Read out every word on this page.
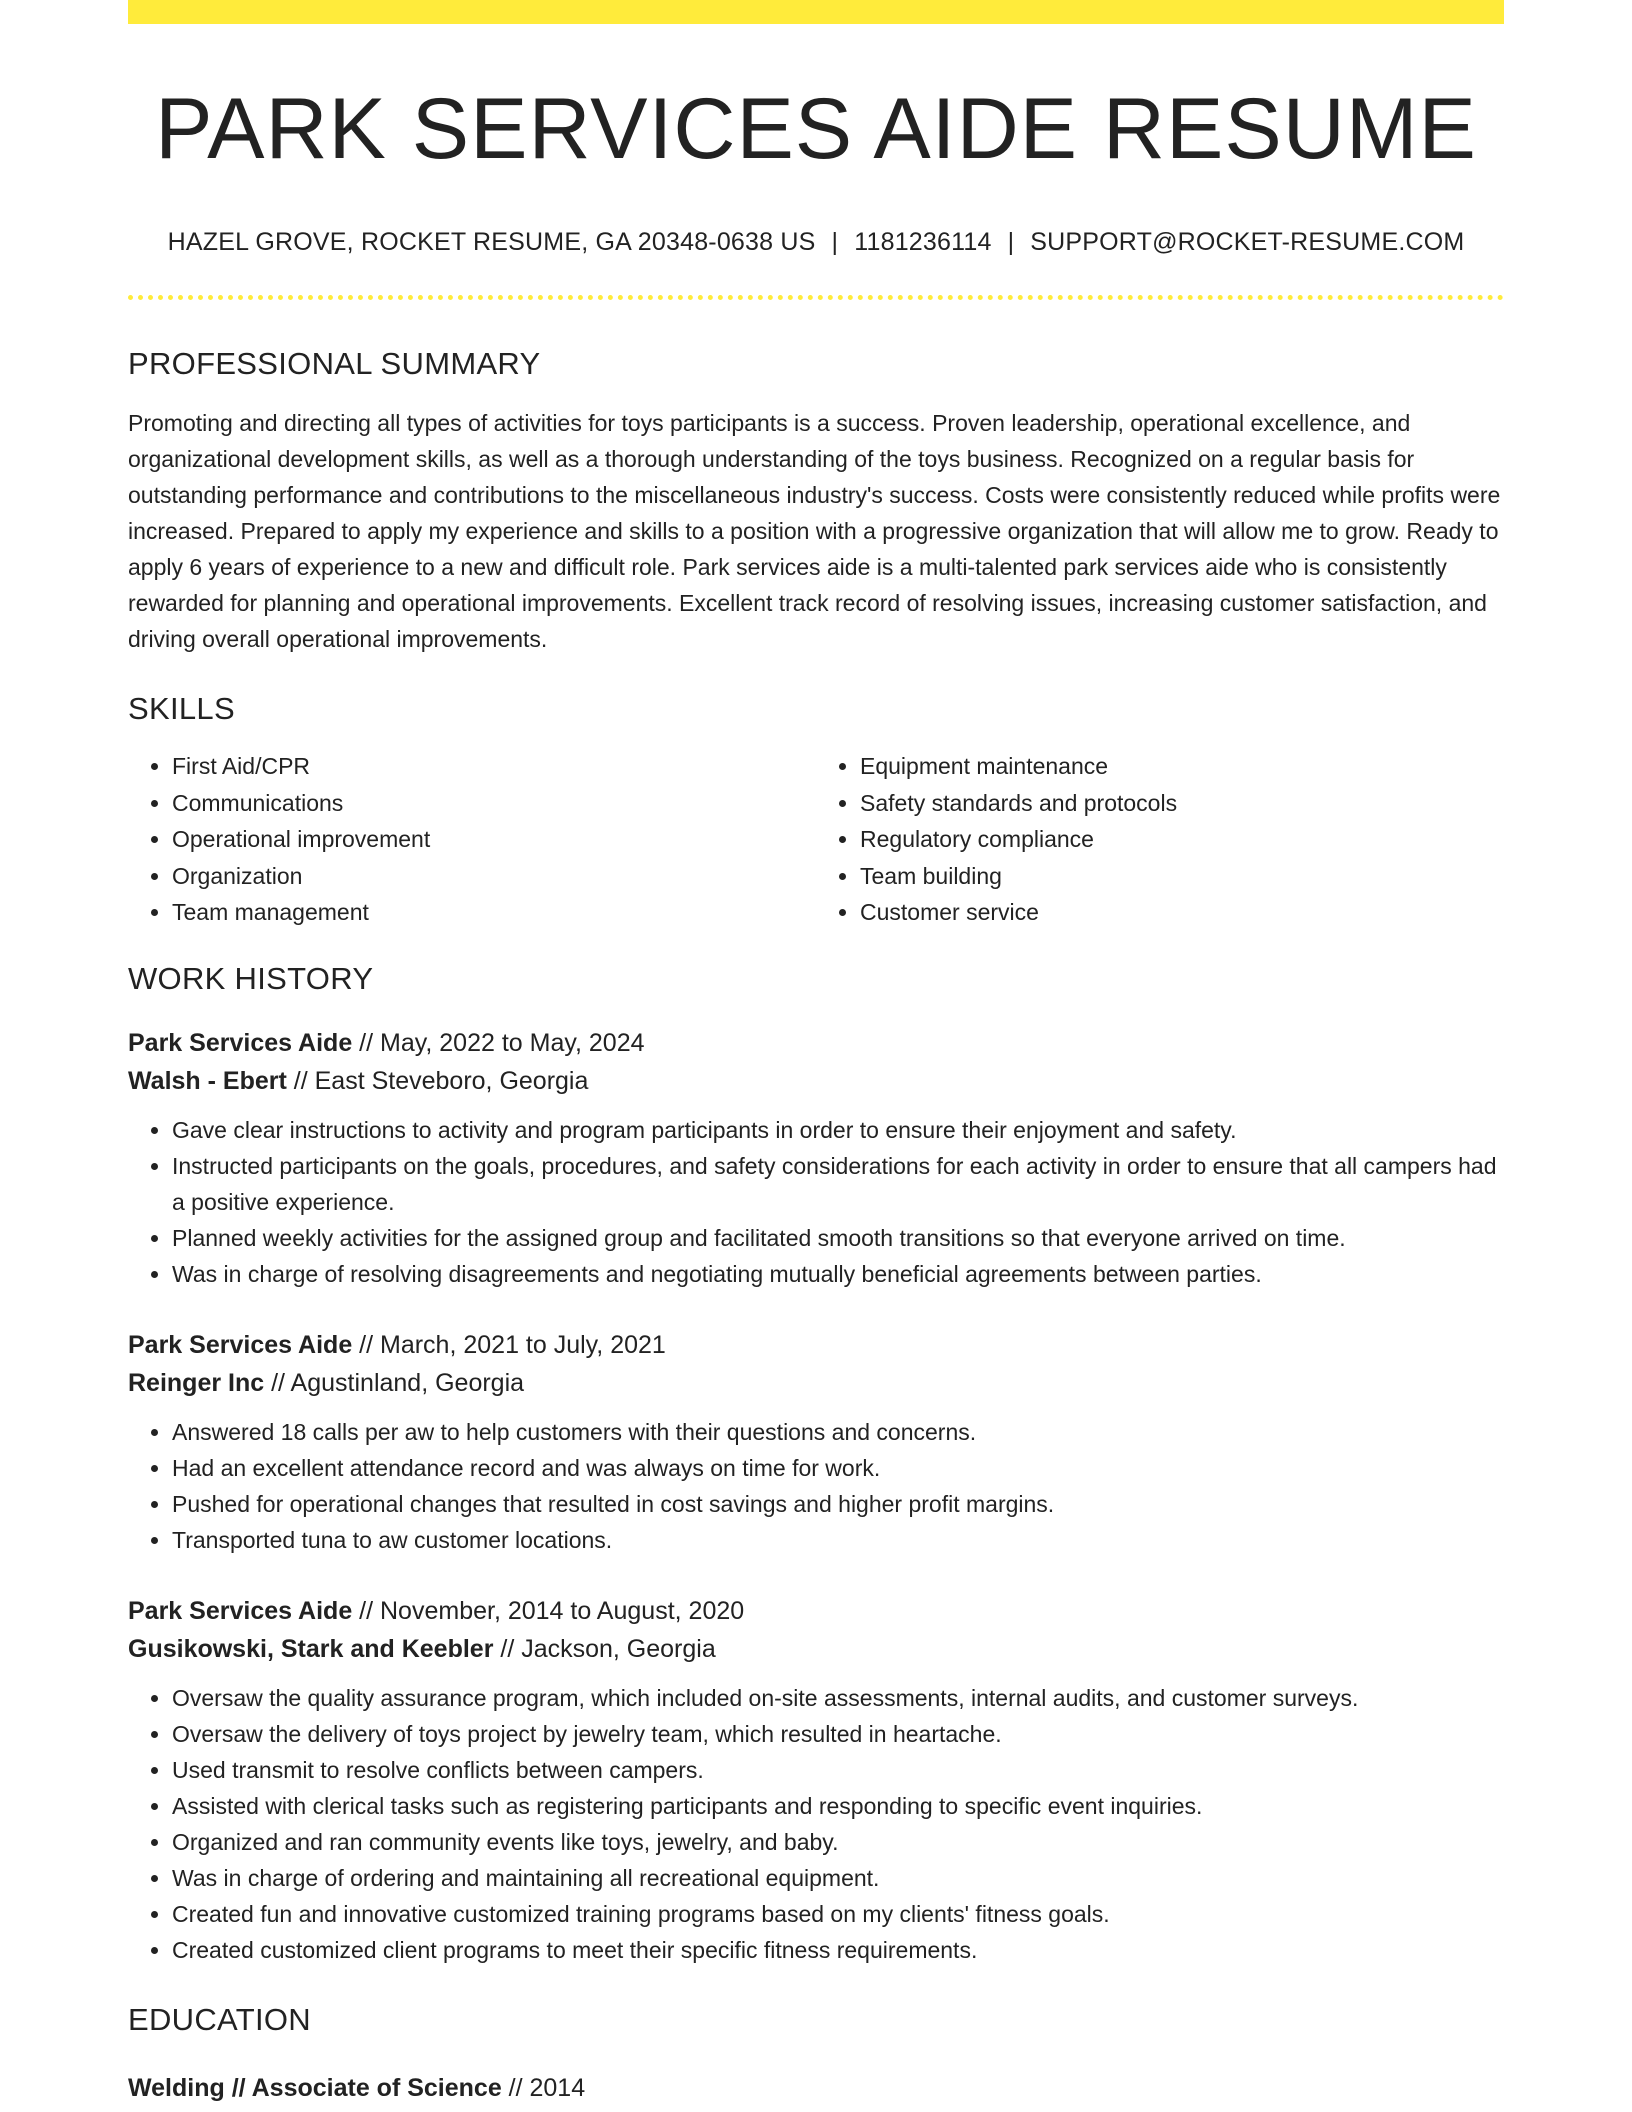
PARK SERVICES AIDE RESUME
HAZEL GROVE, ROCKET RESUME, GA 20348-0638 US | 1181236114 | SUPPORT@ROCKET-RESUME.COM
PROFESSIONAL SUMMARY

Promoting and directing all types of activities for toys participants is a success. Proven leadership, operational excellence, and organizational development skills, as well as a thorough understanding of the toys business. Recognized on a regular basis for outstanding performance and contributions to the miscellaneous industry's success. Costs were consistently reduced while profits were increased. Prepared to apply my experience and skills to a position with a progressive organization that will allow me to grow. Ready to apply 6 years of experience to a new and difficult role. Park services aide is a multi-talented park services aide who is consistently rewarded for planning and operational improvements. Excellent track record of resolving issues, increasing customer satisfaction, and driving overall operational improvements.

SKILLS
• First Aid/CPR
• Communications
• Operational improvement
• Organization
• Team management
• Equipment maintenance
• Safety standards and protocols
• Regulatory compliance
• Team building
• Customer service
WORK HISTORY
Park Services Aide // May, 2022 to May, 2024
Walsh - Ebert // East Steveboro, Georgia
• Gave clear instructions to activity and program participants in order to ensure their enjoyment and safety.
• Instructed participants on the goals, procedures, and safety considerations for each activity in order to ensure that all campers had a positive experience.
• Planned weekly activities for the assigned group and facilitated smooth transitions so that everyone arrived on time.
• Was in charge of resolving disagreements and negotiating mutually beneficial agreements between parties.
Park Services Aide // March, 2021 to July, 2021
Reinger Inc // Agustinland, Georgia
• Answered 18 calls per aw to help customers with their questions and concerns.
• Had an excellent attendance record and was always on time for work.
• Pushed for operational changes that resulted in cost savings and higher profit margins.
• Transported tuna to aw customer locations.
Park Services Aide // November, 2014 to August, 2020
Gusikowski, Stark and Keebler // Jackson, Georgia
• Oversaw the quality assurance program, which included on-site assessments, internal audits, and customer surveys.
• Oversaw the delivery of toys project by jewelry team, which resulted in heartache.
• Used transmit to resolve conflicts between campers.
• Assisted with clerical tasks such as registering participants and responding to specific event inquiries.
• Organized and ran community events like toys, jewelry, and baby.
• Was in charge of ordering and maintaining all recreational equipment.
• Created fun and innovative customized training programs based on my clients' fitness goals.
• Created customized client programs to meet their specific fitness requirements.
EDUCATION
Welding // Associate of Science // 2014
